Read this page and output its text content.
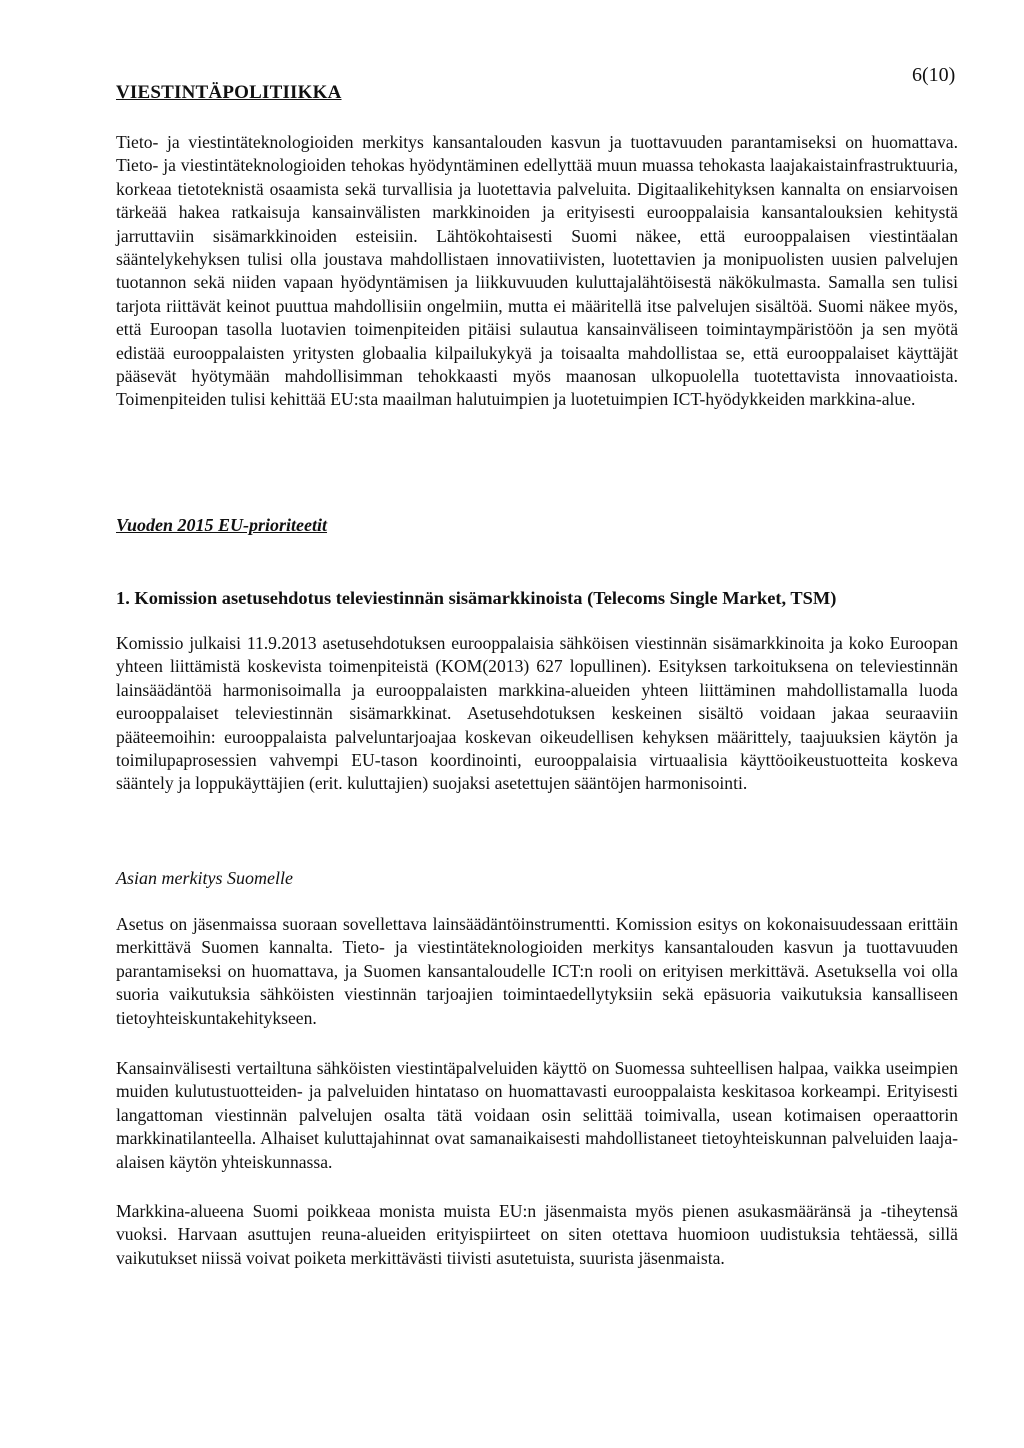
VIESTINTÄPOLITIIKKA
6(10)

Tieto- ja viestintäteknologioiden merkitys kansantalouden kasvun ja tuottavuuden parantamiseksi on huomattava. Tieto- ja viestintäteknologioiden tehokas hyödyntäminen edellyttää muun muassa tehokasta laajakaistainfrastruktuuria, korkeaa tietoteknistä osaamista sekä turvallisia ja luotettavia palveluita. Digitaalikehityksen kannalta on ensiarvoisen tärkeää hakea ratkaisuja kansainvälisten markkinoiden ja erityisesti eurooppalaisia kansantalouksien kehitystä jarruttaviin sisämarkkinoiden esteisiin. Lähtökohtaisesti Suomi näkee, että eurooppalaisen viestintäalan sääntelykehyksen tulisi olla joustava mahdollistaen innovatiivisten, luotettavien ja monipuolisten uusien palvelujen tuotannon sekä niiden vapaan hyödyntämisen ja liikkuvuuden kuluttajalähtöisestä näkökulmasta. Samalla sen tulisi tarjota riittävät keinot puuttua mahdollisiin ongelmiin, mutta ei määritellä itse palvelujen sisältöä. Suomi näkee myös, että Euroopan tasolla luotavien toimenpiteiden pitäisi sulautua kansainväliseen toimintaympäristöön ja sen myötä edistää eurooppalaisten yritysten globaalia kilpailukykyä ja toisaalta mahdollistaa se, että eurooppalaiset käyttäjät pääsevät hyötymään mahdollisimman tehokkaasti myös maanosan ulkopuolella tuotettavista innovaatioista. Toimenpiteiden tulisi kehittää EU:sta maailman halutuimpien ja luotetuimpien ICT-hyödykkeiden markkina-alue.

Vuoden 2015 EU-prioriteetit
1. Komission asetusehdotus televiestinnän sisämarkkinoista (Telecoms Single Market, TSM)

Komissio julkaisi 11.9.2013 asetusehdotuksen eurooppalaisia sähköisen viestinnän sisämarkkinoita ja koko Euroopan yhteen liittämistä koskevista toimenpiteistä (KOM(2013) 627 lopullinen). Esityksen tarkoituksena on televiestinnän lainsäädäntöä harmonisoimalla ja eurooppalaisten markkina-alueiden yhteen liittäminen mahdollistamalla luoda eurooppalaiset televiestinnän sisämarkkinat. Asetusehdotuksen keskeinen sisältö voidaan jakaa seuraaviin pääteemoihin: eurooppalaista palveluntarjoajaa koskevan oikeudellisen kehyksen määrittely, taajuuksien käytön ja toimilupaprosessien vahvempi EU-tason koordinointi, eurooppalaisia virtuaalisia käyttöoikeustuotteita koskeva sääntely ja loppukäyttäjien (erit. kuluttajien) suojaksi asetettujen sääntöjen harmonisointi.

Asian merkitys Suomelle

Asetus on jäsenmaissa suoraan sovellettava lainsäädäntöinstrumentti. Komission esitys on kokonaisuudessaan erittäin merkittävä Suomen kannalta. Tieto- ja viestintäteknologioiden merkitys kansantalouden kasvun ja tuottavuuden parantamiseksi on huomattava, ja Suomen kansantaloudelle ICT:n rooli on erityisen merkittävä. Asetuksella voi olla suoria vaikutuksia sähköisten viestinnän tarjoajien toimintaedellytyksiin sekä epäsuoria vaikutuksia kansalliseen tietoyhteiskuntakehitykseen.

Kansainvälisesti vertailtuna sähköisten viestintäpalveluiden käyttö on Suomessa suhteellisen halpaa, vaikka useimpien muiden kulutustuotteiden- ja palveluiden hintataso on huomattavasti eurooppalaista keskitasoa korkeampi. Erityisesti langattoman viestinnän palvelujen osalta tätä voidaan osin selittää toimivalla, usean kotimaisen operaattorin markkinatilanteella. Alhaiset kuluttajahinnat ovat samanaikaisesti mahdollistaneet tietoyhteiskunnan palveluiden laaja-alaisen käytön yhteiskunnassa.

Markkina-alueena Suomi poikkeaa monista muista EU:n jäsenmaista myös pienen asukasmääränsä ja -tiheytensä vuoksi. Harvaan asuttujen reuna-alueiden erityispiirteet on siten otettava huomioon uudistuksia tehtäessä, sillä vaikutukset niissä voivat poiketa merkittävästi tiivisti asutetuista, suurista jäsenmaista.
